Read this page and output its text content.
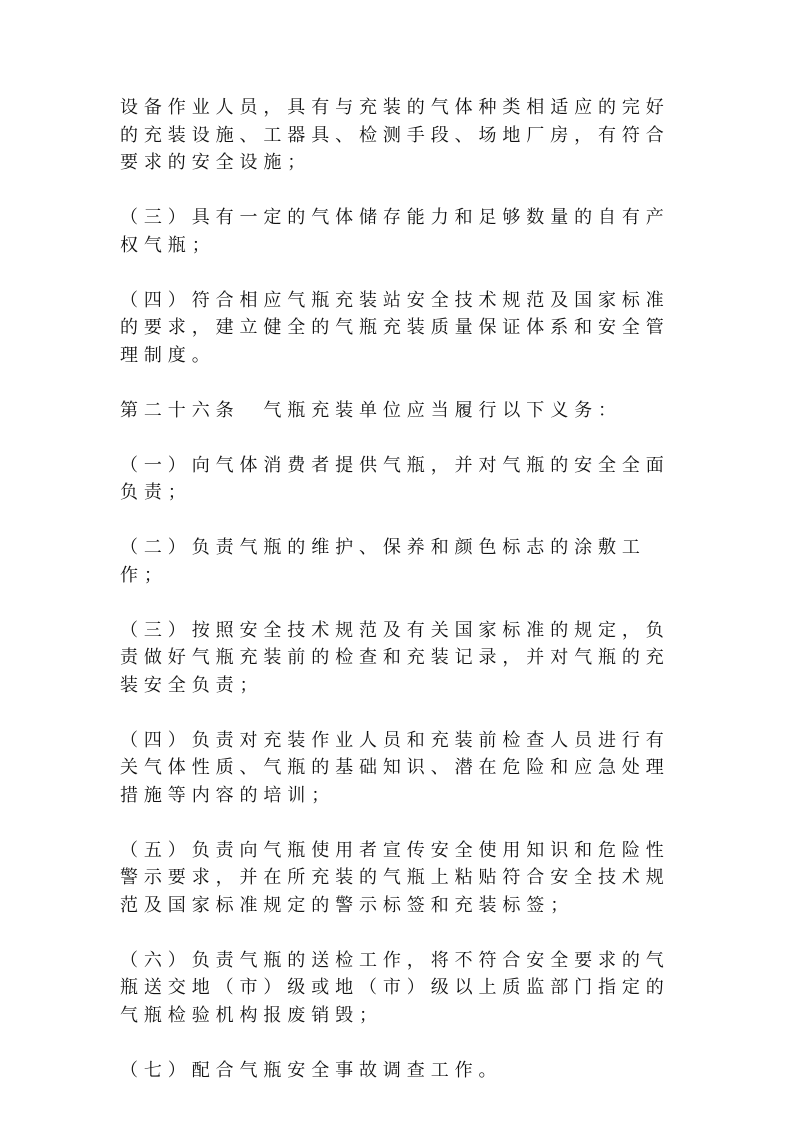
设备作业人员，具有与充装的气体种类相适应的完好的充装设施、工器具、检测手段、场地厂房，有符合要求的安全设施；

（三）具有一定的气体储存能力和足够数量的自有产权气瓶；

（四）符合相应气瓶充装站安全技术规范及国家标准的要求，建立健全的气瓶充装质量保证体系和安全管理制度。

第二十六条　气瓶充装单位应当履行以下义务：

（一）向气体消费者提供气瓶，并对气瓶的安全全面负责；

（二）负责气瓶的维护、保养和颜色标志的涂敷工作；

（三）按照安全技术规范及有关国家标准的规定，负责做好气瓶充装前的检查和充装记录，并对气瓶的充装安全负责；

（四）负责对充装作业人员和充装前检查人员进行有关气体性质、气瓶的基础知识、潜在危险和应急处理措施等内容的培训；

（五）负责向气瓶使用者宣传安全使用知识和危险性警示要求，并在所充装的气瓶上粘贴符合安全技术规范及国家标准规定的警示标签和充装标签；

（六）负责气瓶的送检工作，将不符合安全要求的气瓶送交地（市）级或地（市）级以上质监部门指定的气瓶检验机构报废销毁；

（七）配合气瓶安全事故调查工作。
